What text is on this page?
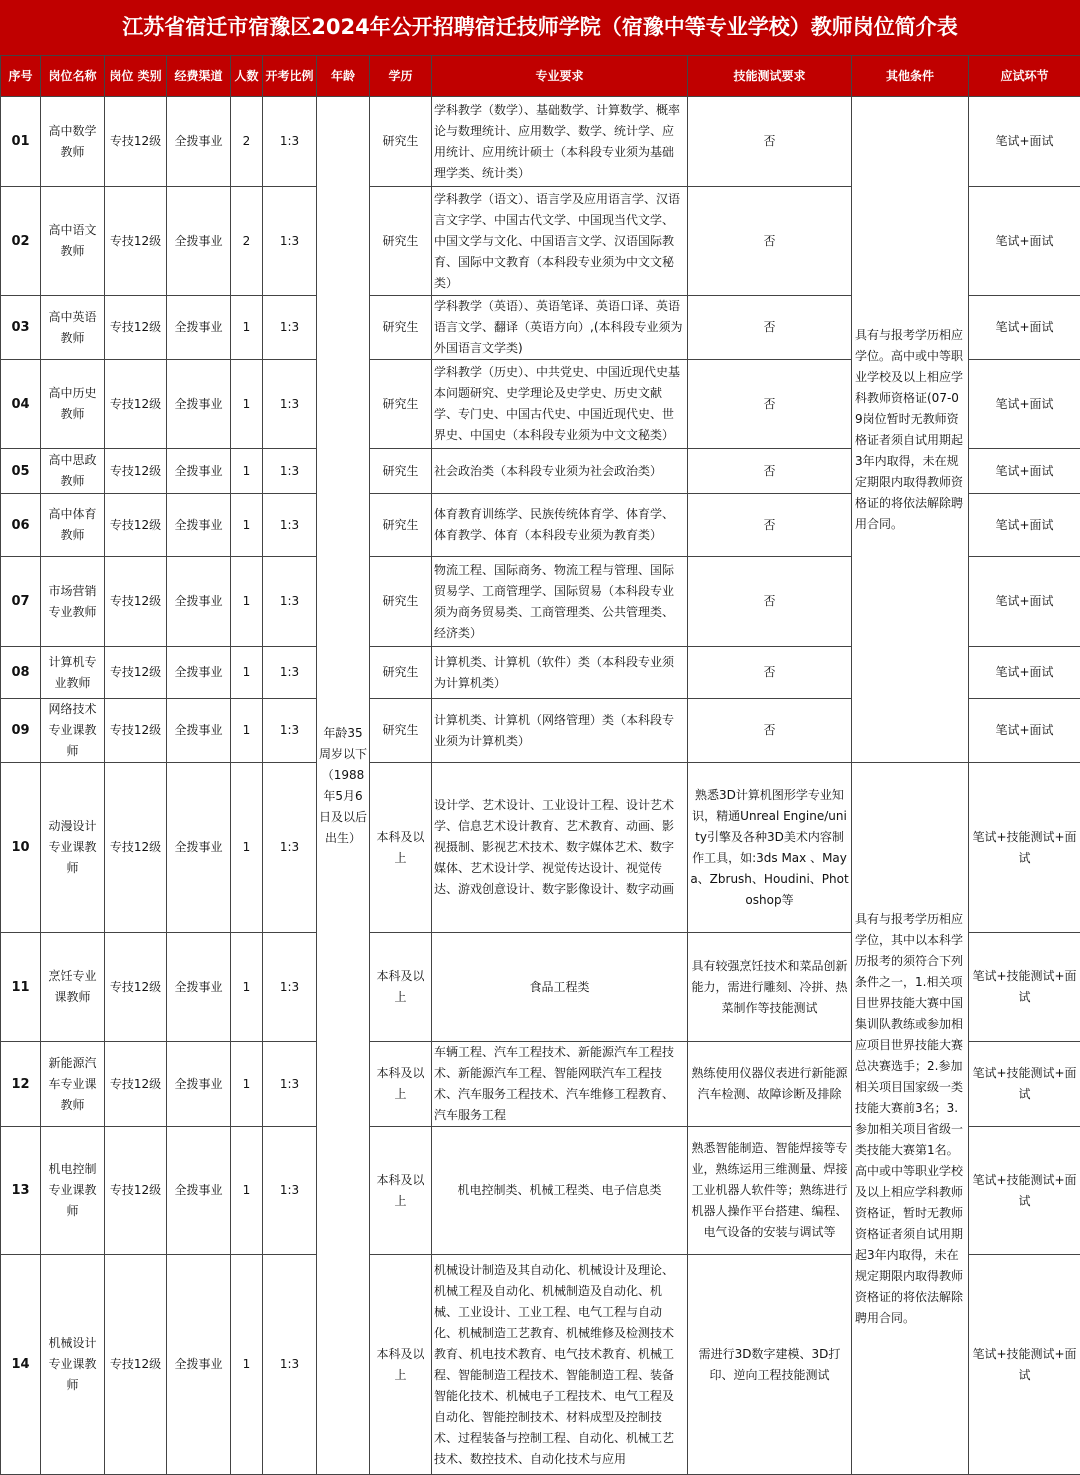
江苏省宿迁市宿豫区2024年公开招聘宿迁技师学院（宿豫中等专业学校）教师岗位简介表
序号	岗位名称	岗位 类别	经费渠道	人数	开考比例	年龄	学历	专业要求	技能测试要求	其他条件	应试环节
01	高中数学教师	专技12级	全拨事业	2	1:3	年龄35周岁以下（1988年5月6日及以后出生）	研究生	学科教学（数学）、基础数学、计算数学、概率论与数理统计、应用数学、数学、统计学、应用统计、应用统计硕士（本科段专业须为基础理学类、统计类）	否	具有与报考学历相应学位。高中或中等职业学校及以上相应学科教师资格证(07-09岗位暂时无教师资格证者须自试用期起3年内取得，未在规定期限内取得教师资格证的将依法解除聘用合同。	笔试+面试
02	高中语文教师	专技12级	全拨事业	2	1:3		研究生	学科教学（语文）、语言学及应用语言学、汉语言文字学、中国古代文学、中国现当代文学、中国文学与文化、中国语言文学、汉语国际教育、国际中文教育（本科段专业须为中文文秘类）	否		笔试+面试
03	高中英语教师	专技12级	全拨事业	1	1:3		研究生	学科教学（英语）、英语笔译、英语口译、英语语言文学、翻译（英语方向）,(本科段专业须为外国语言文学类)	否		笔试+面试
04	高中历史教师	专技12级	全拨事业	1	1:3		研究生	学科教学（历史）、中共党史、中国近现代史基本问题研究、史学理论及史学史、历史文献学、专门史、中国古代史、中国近现代史、世界史、中国史（本科段专业须为中文文秘类）	否		笔试+面试
05	高中思政教师	专技12级	全拨事业	1	1:3		研究生	社会政治类（本科段专业须为社会政治类）	否		笔试+面试
06	高中体育教师	专技12级	全拨事业	1	1:3		研究生	体育教育训练学、民族传统体育学、体育学、体育教学、体育（本科段专业须为教育类）	否		笔试+面试
07	市场营销专业教师	专技12级	全拨事业	1	1:3		研究生	物流工程、国际商务、物流工程与管理、国际贸易学、工商管理学、国际贸易（本科段专业须为商务贸易类、工商管理类、公共管理类、经济类）	否		笔试+面试
08	计算机专业教师	专技12级	全拨事业	1	1:3		研究生	计算机类、计算机（软件）类（本科段专业须为计算机类）	否		笔试+面试
09	网络技术专业课教师	专技12级	全拨事业	1	1:3		研究生	计算机类、计算机（网络管理）类（本科段专业须为计算机类）	否		笔试+面试
10	动漫设计专业课教师	专技12级	全拨事业	1	1:3		本科及以上	设计学、艺术设计、工业设计工程、设计艺术学、信息艺术设计教育、艺术教育、动画、影视摄制、影视艺术技术、数字媒体艺术、数字媒体、艺术设计学、视觉传达设计、视觉传达、游戏创意设计、数字影像设计、数字动画	熟悉3D计算机图形学专业知识，精通Unreal Engine/unity引擎及各种3D美术内容制作工具，如:3ds Max 、Maya、Zbrush、Houdini、Photoshop等	具有与报考学历相应学位，其中以本科学历报考的须符合下列条件之一，1.相关项目世界技能大赛中国集训队教练或参加相应项目世界技能大赛总决赛选手；2.参加相关项目国家级一类技能大赛前3名；3.参加相关项目省级一类技能大赛第1名。高中或中等职业学校及以上相应学科教师资格证，暂时无教师资格证者须自试用期起3年内取得，未在规定期限内取得教师资格证的将依法解除聘用合同。	笔试+技能测试+面试
11	烹饪专业课教师	专技12级	全拨事业	1	1:3		本科及以上	食品工程类	具有较强烹饪技术和菜品创新能力，需进行雕刻、冷拼、热菜制作等技能测试		笔试+技能测试+面试
12	新能源汽车专业课教师	专技12级	全拨事业	1	1:3		本科及以上	车辆工程、汽车工程技术、新能源汽车工程技术、新能源汽车工程、智能网联汽车工程技术、汽车服务工程技术、汽车维修工程教育、汽车服务工程	熟练使用仪器仪表进行新能源汽车检测、故障诊断及排除		笔试+技能测试+面试
13	机电控制专业课教师	专技12级	全拨事业	1	1:3		本科及以上	机电控制类、机械工程类、电子信息类	熟悉智能制造、智能焊接等专业，熟练运用三维测量、焊接工业机器人软件等；熟练进行机器人操作平台搭建、编程、电气设备的安装与调试等		笔试+技能测试+面试
14	机械设计专业课教师	专技12级	全拨事业	1	1:3		本科及以上	机械设计制造及其自动化、机械设计及理论、机械工程及自动化、机械制造及自动化、机械、工业设计、工业工程、电气工程与自动化、机械制造工艺教育、机械维修及检测技术教育、机电技术教育、电气技术教育、机械工程、智能制造工程技术、智能制造工程、装备智能化技术、机械电子工程技术、电气工程及自动化、智能控制技术、材料成型及控制技术、过程装备与控制工程、自动化、机械工艺技术、数控技术、自动化技术与应用	需进行3D数字建模、3D打印、逆向工程技能测试		笔试+技能测试+面试
